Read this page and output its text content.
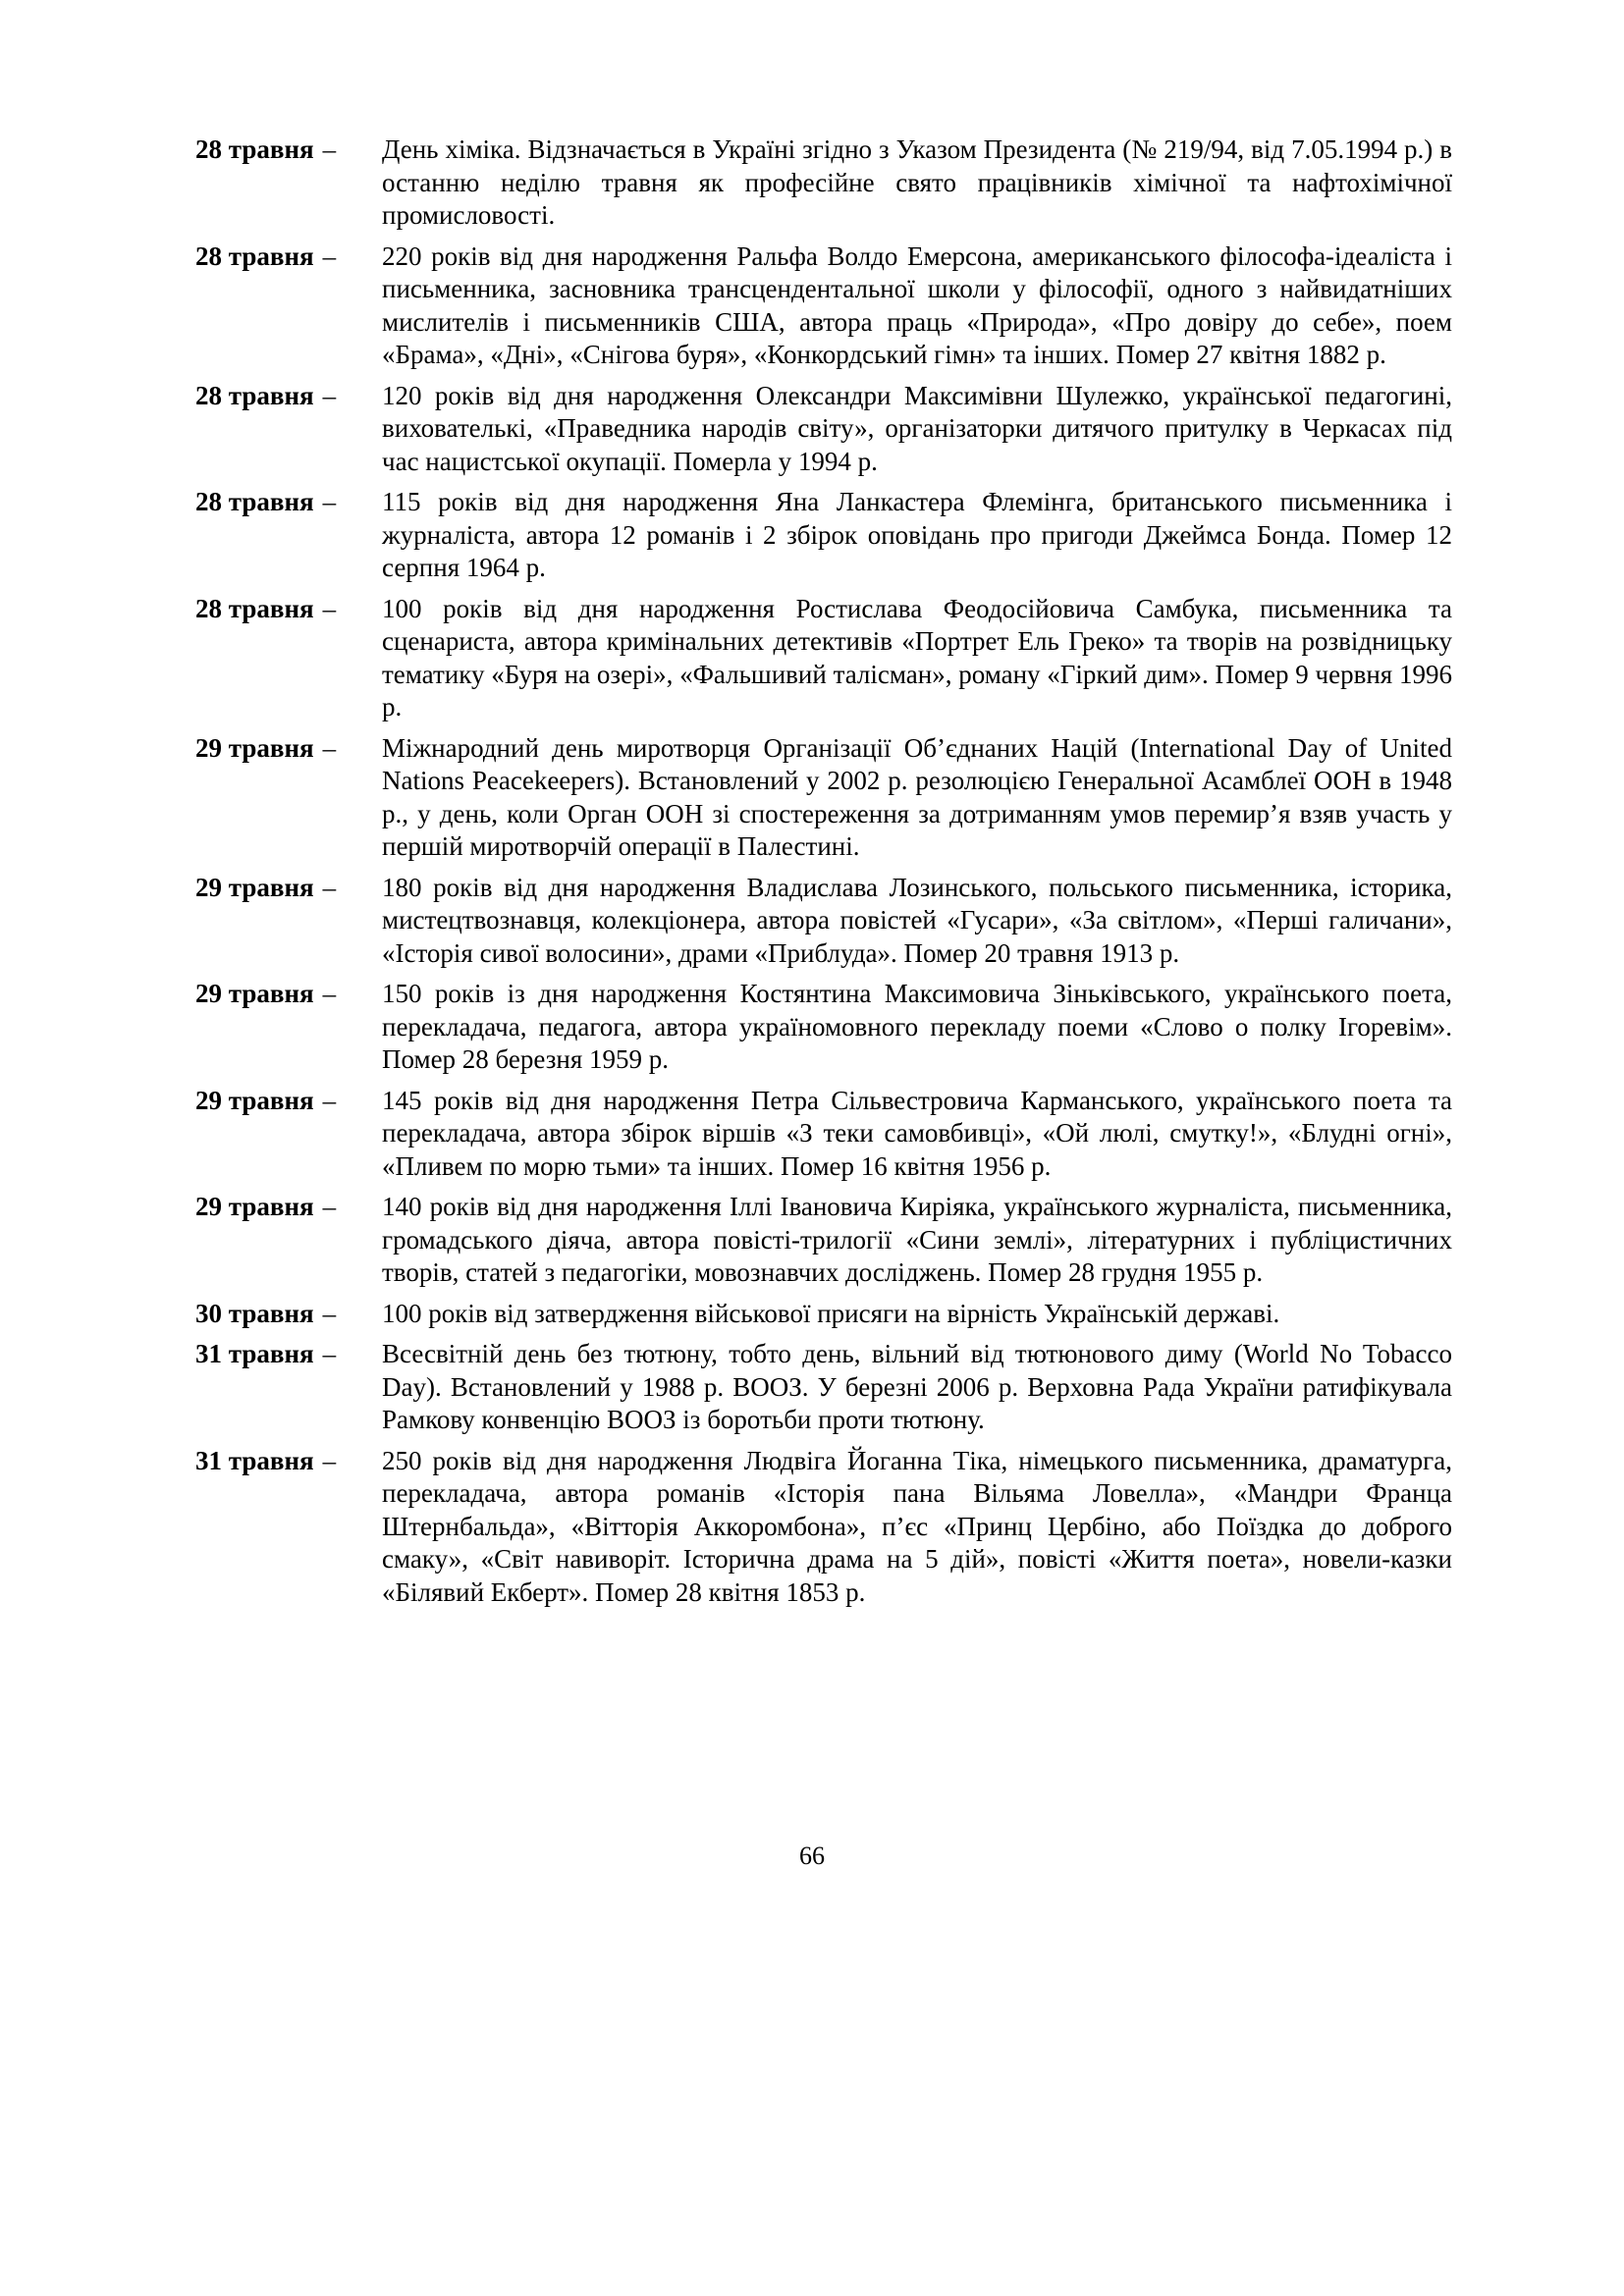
28 травня – День хіміка. Відзначається в Україні згідно з Указом Президента (№ 219/94, від 7.05.1994 р.) в останню неділю травня як професійне свято працівників хімічної та нафтохімічної промисловості.
28 травня – 220 років від дня народження Ральфа Волдо Емерсона, американського філософа-ідеаліста і письменника, засновника трансцендентальної школи у філософії, одного з найвидатніших мислителів і письменників США, автора праць «Природа», «Про довіру до себе», поем «Брама», «Дні», «Снігова буря», «Конкордський гімн» та інших. Помер 27 квітня 1882 р.
28 травня – 120 років від дня народження Олександри Максимівни Шулежко, української педагогині, вихователькі, «Праведника народів світу», організаторки дитячого притулку в Черкасах під час нацистської окупації. Померла у 1994 р.
28 травня – 115 років від дня народження Яна Ланкастера Флемінга, британського письменника і журналіста, автора 12 романів і 2 збірок оповідань про пригоди Джеймса Бонда. Помер 12 серпня 1964 р.
28 травня – 100 років від дня народження Ростислава Феодосійовича Самбука, письменника та сценариста, автора кримінальних детективів «Портрет Ель Греко» та творів на розвідницьку тематику «Буря на озері», «Фальшивий талісман», роману «Гіркий дим». Помер 9 червня 1996 р.
29 травня – Міжнародний день миротворця Організації Об’єднаних Націй (International Day of United Nations Peacekeepers). Встановлений у 2002 р. резолюцією Генеральної Асамблеї ООН в 1948 р., у день, коли Орган ООН зі спостереження за дотриманням умов перемир’я взяв участь у першій миротворчій операції в Палестині.
29 травня – 180 років від дня народження Владислава Лозинського, польського письменника, історика, мистецтвознавця, колекціонера, автора повістей «Гусари», «За світлом», «Перші галичани», «Історія сивої волосини», драми «Приблуда». Помер 20 травня 1913 р.
29 травня – 150 років із дня народження Костянтина Максимовича Зіньківського, українського поета, перекладача, педагога, автора україномовного перекладу поеми «Слово о полку Ігоревім». Помер 28 березня 1959 р.
29 травня – 145 років від дня народження Петра Сільвестровича Карманського, українського поета та перекладача, автора збірок віршів «З теки самовбивці», «Ой люлі, смутку!», «Блудні огні», «Пливем по морю тьми» та інших. Помер 16 квітня 1956 р.
29 травня – 140 років від дня народження Іллі Івановича Киріяка, українського журналіста, письменника, громадського діяча, автора повісті-трилогії «Сини землі», літературних і публіцистичних творів, статей з педагогіки, мовознавчих досліджень. Помер 28 грудня 1955 р.
30 травня – 100 років від затвердження військової присяги на вірність Українській державі.
31 травня – Всесвітній день без тютюну, тобто день, вільний від тютюнового диму (World No Tobacco Day). Встановлений у 1988 р. ВООЗ. У березні 2006 р. Верховна Рада України ратифікувала Рамкову конвенцію ВООЗ із боротьби проти тютюну.
31 травня – 250 років від дня народження Людвіга Йоганна Тіка, німецького письменника, драматурга, перекладача, автора романів «Історія пана Вільяма Ловелла», «Мандри Франца Штернбальда», «Вітторія Аккоромбона», п’єс «Принц Цербіно, або Поїздка до доброго смаку», «Світ навиворіт. Історична драма на 5 дій», повісті «Життя поета», новели-казки «Білявий Екберт». Помер 28 квітня 1853 р.
66
